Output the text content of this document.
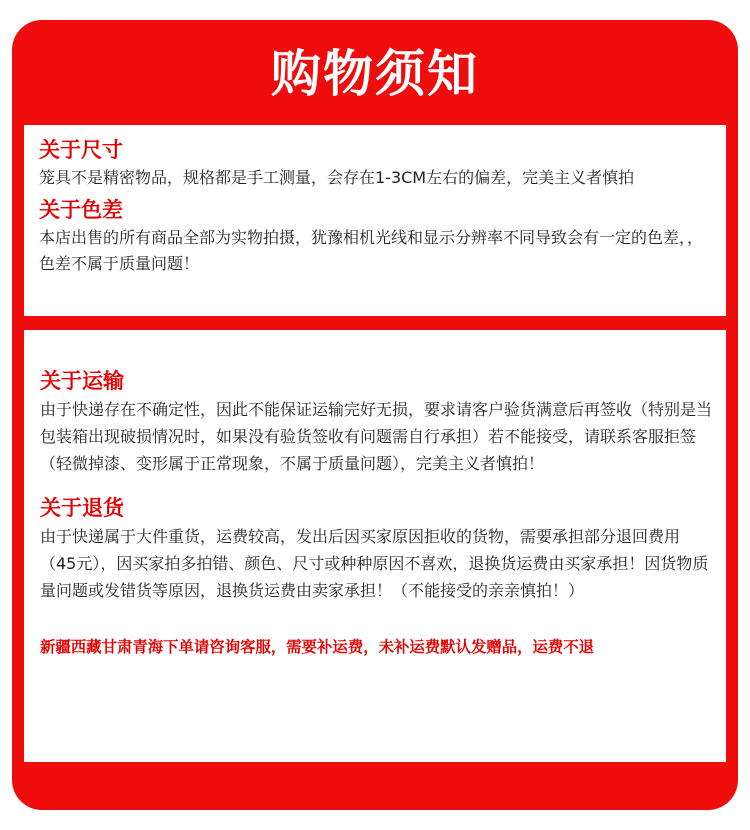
购物须知

关于尺寸

笼具不是精密物品，规格都是手工测量，会存在1-3CM左右的偏差，完美主义者慎拍

关于色差

本店出售的所有商品全部为实物拍摄，犹豫相机光线和显示分辨率不同导致会有一定的色差，，色差不属于质量问题！

关于运输

由于快递存在不确定性，因此不能保证运输完好无损，要求请客户验货满意后再签收（特别是当包装箱出现破损情况时，如果没有验货签收有问题需自行承担）若不能接受，请联系客服拒签（轻微掉漆、变形属于正常现象，不属于质量问题），完美主义者慎拍！

关于退货

由于快递属于大件重货，运费较高，发出后因买家原因拒收的货物，需要承担部分退回费用（45元），因买家拍多拍错、颜色、尺寸或种种原因不喜欢，退换货运费由买家承担！因货物质量问题或发错货等原因，退换货运费由卖家承担！（不能接受的亲亲慎拍！）

新疆西藏甘肃青海下单请咨询客服，需要补运费，未补运费默认发赠品，运费不退
